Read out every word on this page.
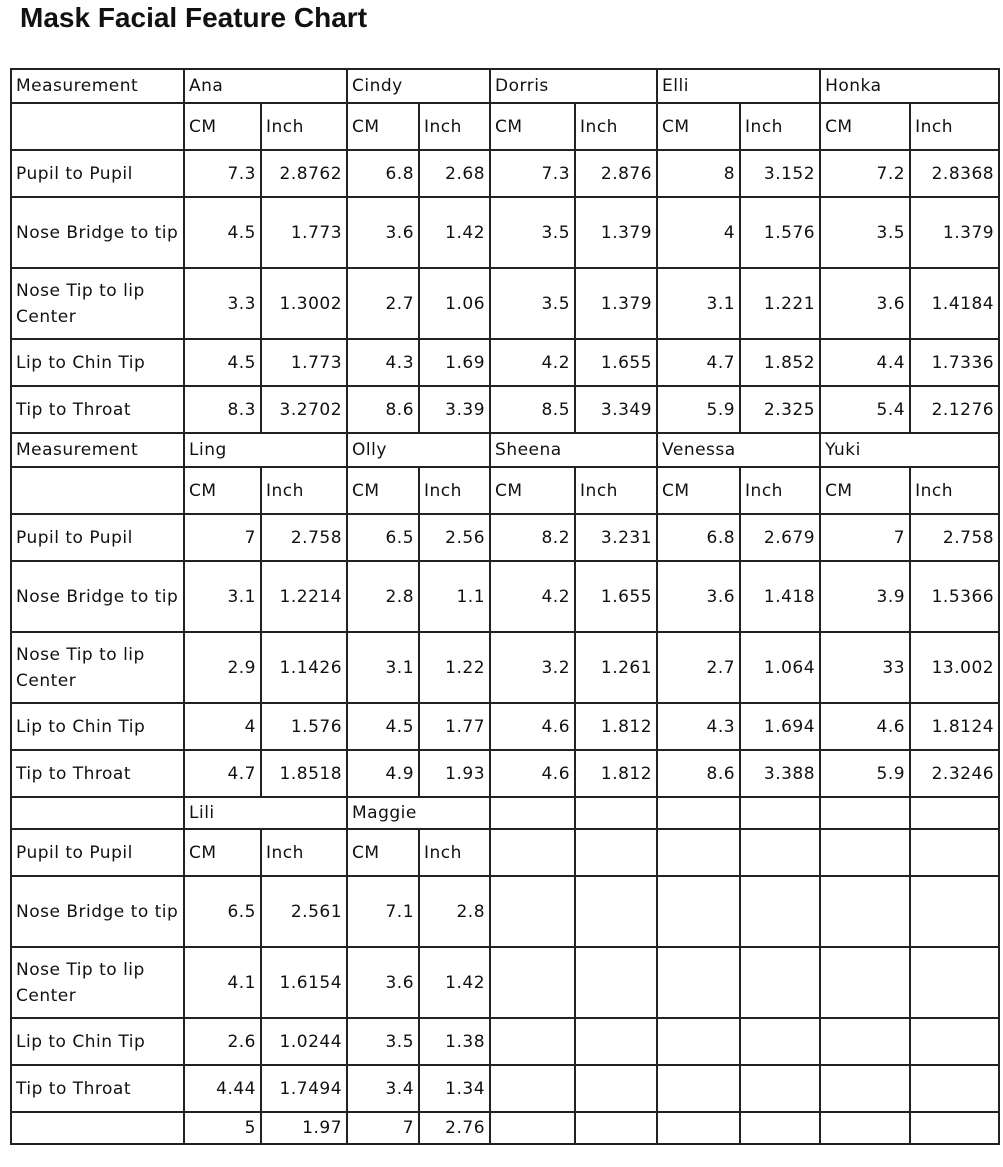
Mask Facial Feature Chart
Measurement	Ana		Cindy		Dorris		Elli		Honka	
	CM	Inch	CM	Inch	CM	Inch	CM	Inch	CM	Inch
Pupil to Pupil	7.3	2.8762	6.8	2.68	7.3	2.876	8	3.152	7.2	2.8368
Nose Bridge to tip	4.5	1.773	3.6	1.42	3.5	1.379	4	1.576	3.5	1.379
Nose Tip to lip Center	3.3	1.3002	2.7	1.06	3.5	1.379	3.1	1.221	3.6	1.4184
Lip to Chin Tip	4.5	1.773	4.3	1.69	4.2	1.655	4.7	1.852	4.4	1.7336
Tip to Throat	8.3	3.2702	8.6	3.39	8.5	3.349	5.9	2.325	5.4	2.1276
Measurement	Ling		Olly		Sheena		Venessa		Yuki	
	CM	Inch	CM	Inch	CM	Inch	CM	Inch	CM	Inch
Pupil to Pupil	7	2.758	6.5	2.56	8.2	3.231	6.8	2.679	7	2.758
Nose Bridge to tip	3.1	1.2214	2.8	1.1	4.2	1.655	3.6	1.418	3.9	1.5366
Nose Tip to lip Center	2.9	1.1426	3.1	1.22	3.2	1.261	2.7	1.064	33	13.002
Lip to Chin Tip	4	1.576	4.5	1.77	4.6	1.812	4.3	1.694	4.6	1.8124
Tip to Throat	4.7	1.8518	4.9	1.93	4.6	1.812	8.6	3.388	5.9	2.3246
	Lili		Maggie							
Pupil to Pupil	CM	Inch	CM	Inch						
Nose Bridge to tip	6.5	2.561	7.1	2.8						
Nose Tip to lip Center	4.1	1.6154	3.6	1.42						
Lip to Chin Tip	2.6	1.0244	3.5	1.38						
Tip to Throat	4.44	1.7494	3.4	1.34						
	5	1.97	7	2.76						
